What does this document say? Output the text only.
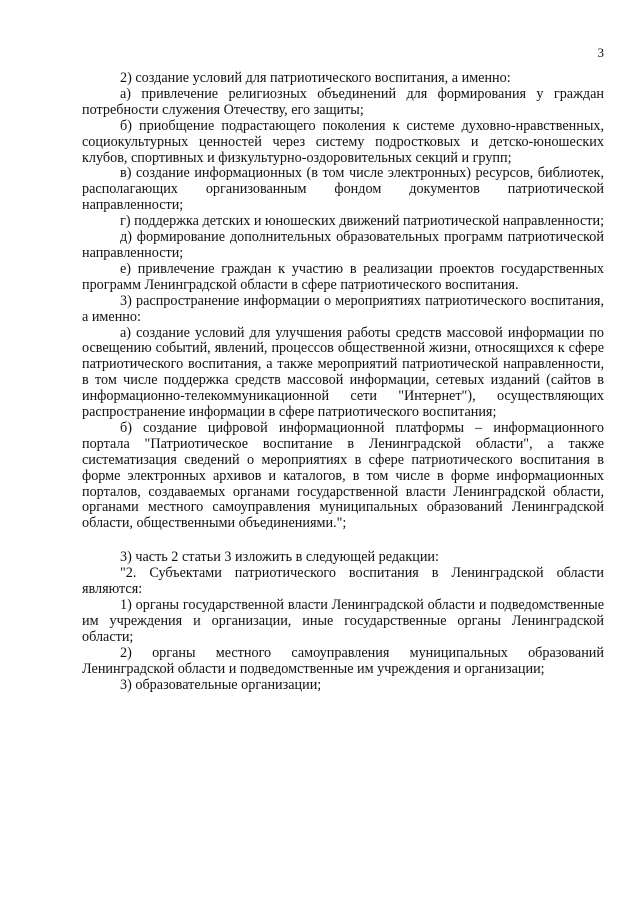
3

2) создание условий для патриотического воспитания, а именно:

а) привлечение религиозных объединений для формирования у граждан потребности служения Отечеству, его защиты;

б) приобщение подрастающего поколения к системе духовно-нравственных, социокультурных ценностей через систему подростковых и детско-юношеских клубов, спортивных и физкультурно-оздоровительных секций и групп;

в) создание информационных (в том числе электронных) ресурсов, библиотек, располагающих организованным фондом документов патриотической направленности;

г) поддержка детских и юношеских движений патриотической направленности;

д) формирование дополнительных образовательных программ патриотической направленности;

е) привлечение граждан к участию в реализации проектов государственных программ Ленинградской области в сфере патриотического воспитания.

3) распространение информации о мероприятиях патриотического воспитания, а именно:

а) создание условий для улучшения работы средств массовой информации по освещению событий, явлений, процессов общественной жизни, относящихся к сфере патриотического воспитания, а также мероприятий патриотической направленности, в том числе поддержка средств массовой информации, сетевых изданий (сайтов в информационно-телекоммуникационной сети "Интернет"), осуществляющих распространение информации в сфере патриотического воспитания;

б) создание цифровой информационной платформы – информационного портала "Патриотическое воспитание в Ленинградской области", а также систематизация сведений о мероприятиях в сфере патриотического воспитания в форме электронных архивов и каталогов, в том числе в форме информационных порталов, создаваемых органами государственной власти Ленинградской области, органами местного самоуправления муниципальных образований Ленинградской области, общественными объединениями.";

3) часть 2 статьи 3 изложить в следующей редакции:

"2. Субъектами патриотического воспитания в Ленинградской области являются:

1) органы государственной власти Ленинградской области и подведомственные им учреждения и организации, иные государственные органы Ленинградской области;

2) органы местного самоуправления муниципальных образований Ленинградской области и подведомственные им учреждения и организации;

3) образовательные организации;
